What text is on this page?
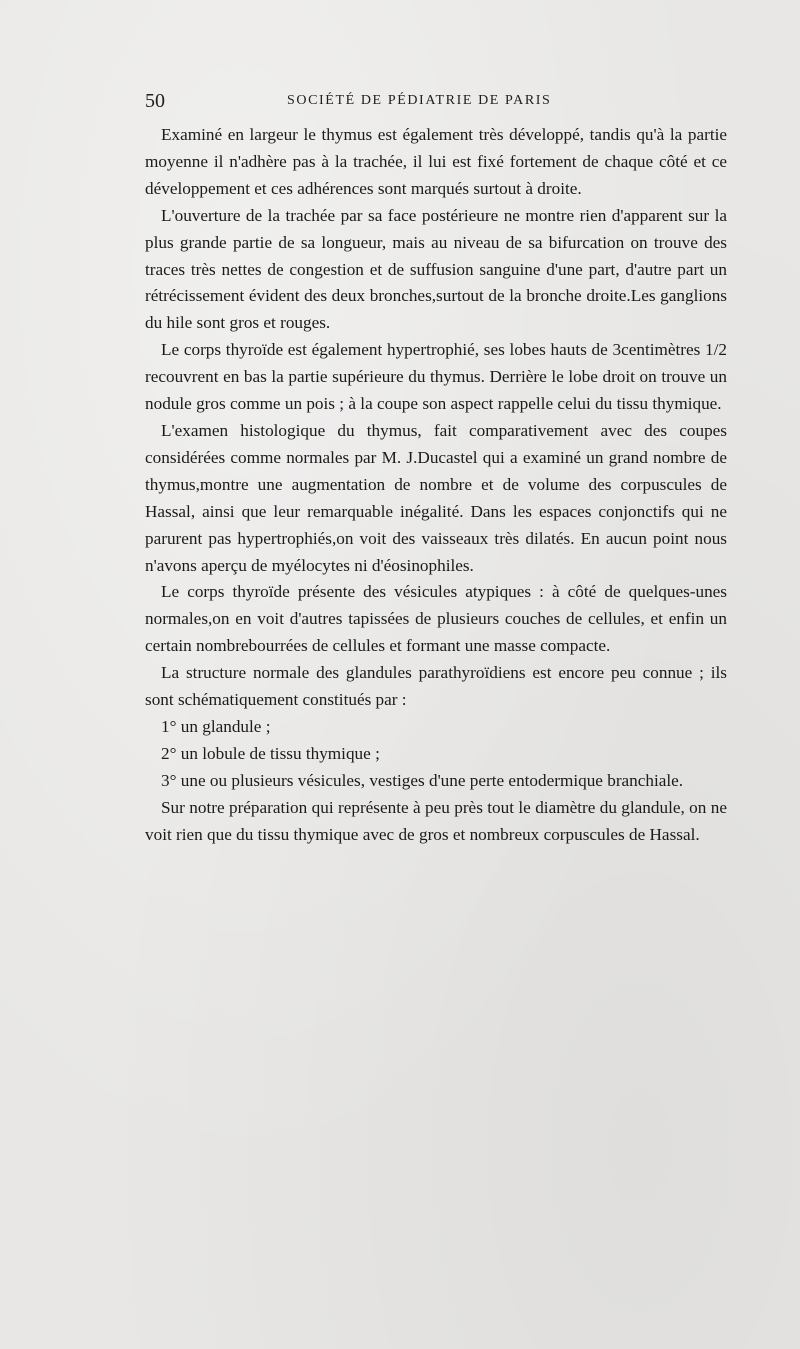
50	SOCIÉTÉ DE PÉDIATRIE DE PARIS

Examiné en largeur le thymus est également très développé, tandis qu'à la partie moyenne il n'adhère pas à la trachée, il lui est fixé fortement de chaque côté et ce développement et ces adhérences sont marqués surtout à droite.

L'ouverture de la trachée par sa face postérieure ne montre rien d'apparent sur la plus grande partie de sa longueur, mais au niveau de sa bifurcation on trouve des traces très nettes de congestion et de suffusion sanguine d'une part, d'autre part un rétrécissement évident des deux bronches,surtout de la bronche droite.Les ganglions du hile sont gros et rouges.

Le corps thyroïde est également hypertrophié, ses lobes hauts de 3centimètres 1/2 recouvrent en bas la partie supérieure du thymus. Derrière le lobe droit on trouve un nodule gros comme un pois ; à la coupe son aspect rappelle celui du tissu thymique.

L'examen histologique du thymus, fait comparativement avec des coupes considérées comme normales par M. J.Ducastel qui a examiné un grand nombre de thymus,montre une augmentation de nombre et de volume des corpuscules de Hassal, ainsi que leur remarquable inégalité. Dans les espaces conjonctifs qui ne parurent pas hypertrophiés,on voit des vaisseaux très dilatés. En aucun point nous n'avons aperçu de myélocytes ni d'éosinophiles.

Le corps thyroïde présente des vésicules atypiques : à côté de quelques-unes normales,on en voit d'autres tapissées de plusieurs couches de cellules, et enfin un certain nombrebourrées de cellules et formant une masse compacte.

La structure normale des glandules parathyroïdiens est encore peu connue ; ils sont schématiquement constitués par :

1° un glandule ;

2° un lobule de tissu thymique ;

3° une ou plusieurs vésicules, vestiges d'une perte entodermique branchiale.

Sur notre préparation qui représente à peu près tout le diamètre du glandule, on ne voit rien que du tissu thymique avec de gros et nombreux corpuscules de Hassal.
